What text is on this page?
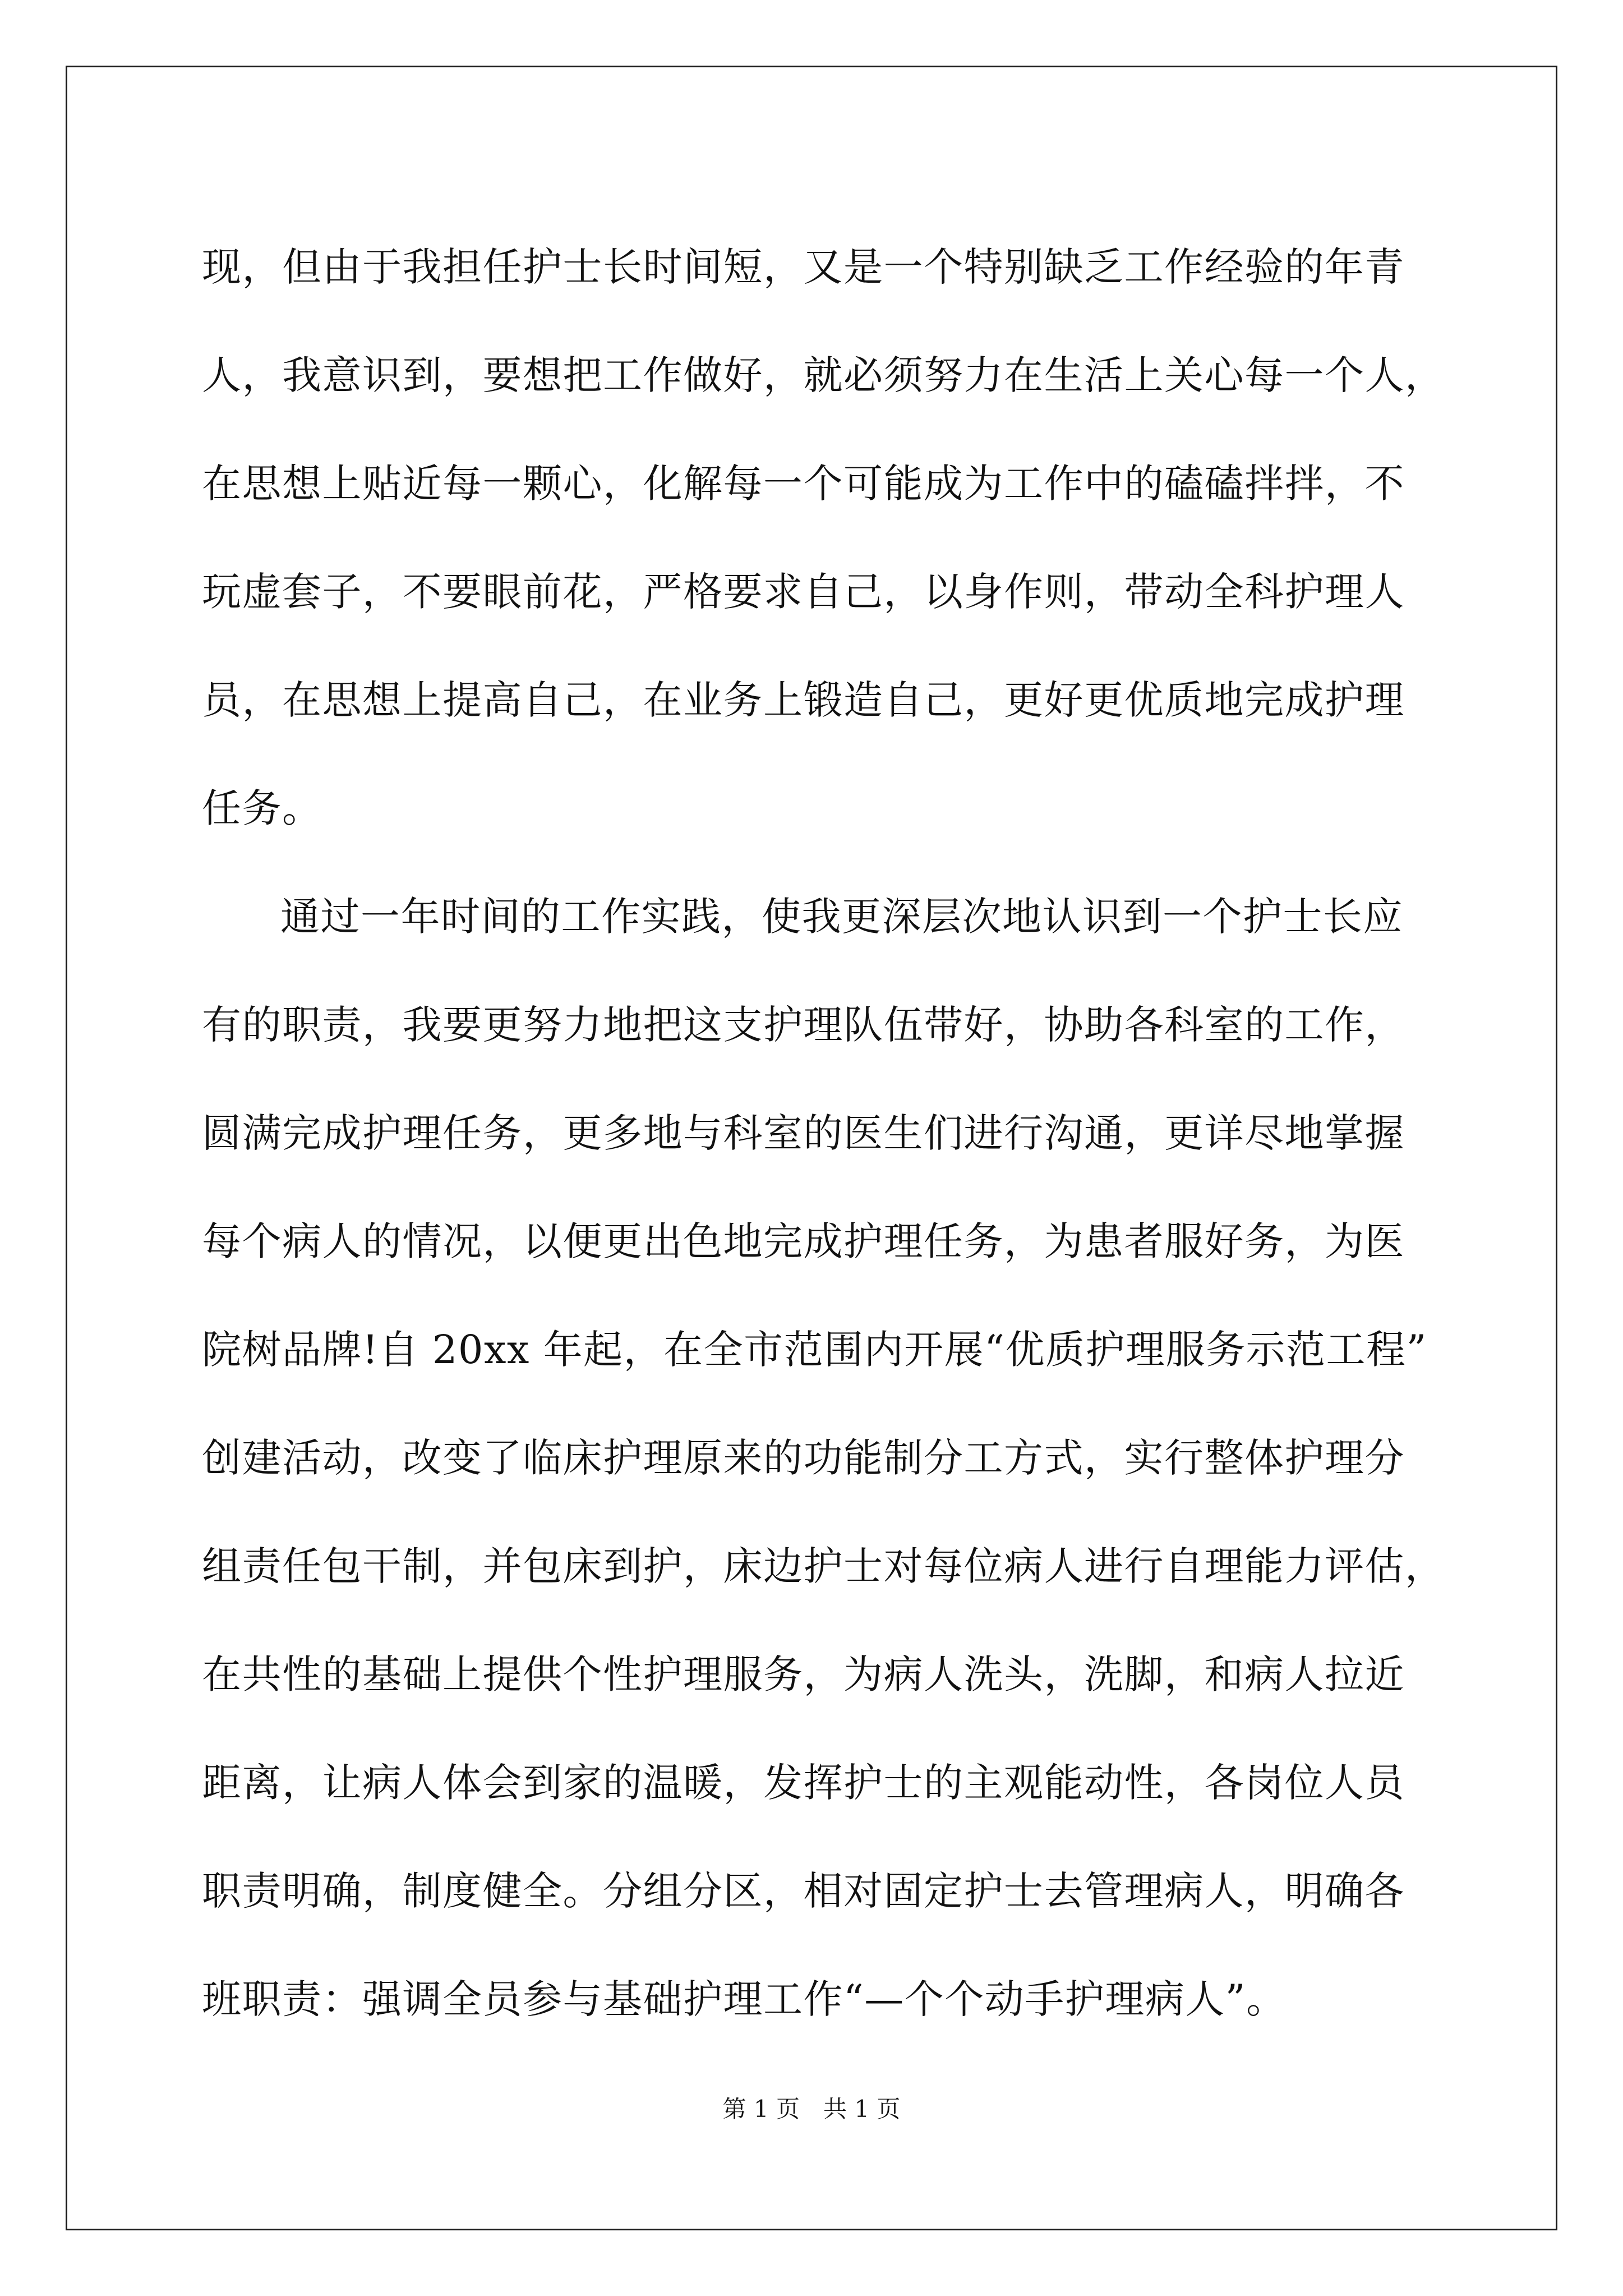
现，但由于我担任护士长时间短，又是一个特别缺乏工作经验的年青
人，我意识到，要想把工作做好，就必须努力在生活上关心每一个人，
在思想上贴近每一颗心，化解每一个可能成为工作中的磕磕拌拌，不
玩虚套子，不要眼前花，严格要求自己，以身作则，带动全科护理人
员，在思想上提高自己，在业务上锻造自己，更好更优质地完成护理
任务。
通过一年时间的工作实践，使我更深层次地认识到一个护士长应
有的职责，我要更努力地把这支护理队伍带好，协助各科室的工作，
圆满完成护理任务，更多地与科室的医生们进行沟通，更详尽地掌握
每个病人的情况，以便更出色地完成护理任务，为患者服好务，为医
院树品牌!自 20xx 年起，在全市范围内开展“优质护理服务示范工程”
创建活动，改变了临床护理原来的功能制分工方式，实行整体护理分
组责任包干制，并包床到护，床边护士对每位病人进行自理能力评估，
在共性的基础上提供个性护理服务，为病人洗头，洗脚，和病人拉近
距离，让病人体会到家的温暖，发挥护士的主观能动性，各岗位人员
职责明确，制度健全。分组分区，相对固定护士去管理病人，明确各
班职责：强调全员参与基础护理工作“—个个动手护理病人”。
第 1 页　共 1 页
